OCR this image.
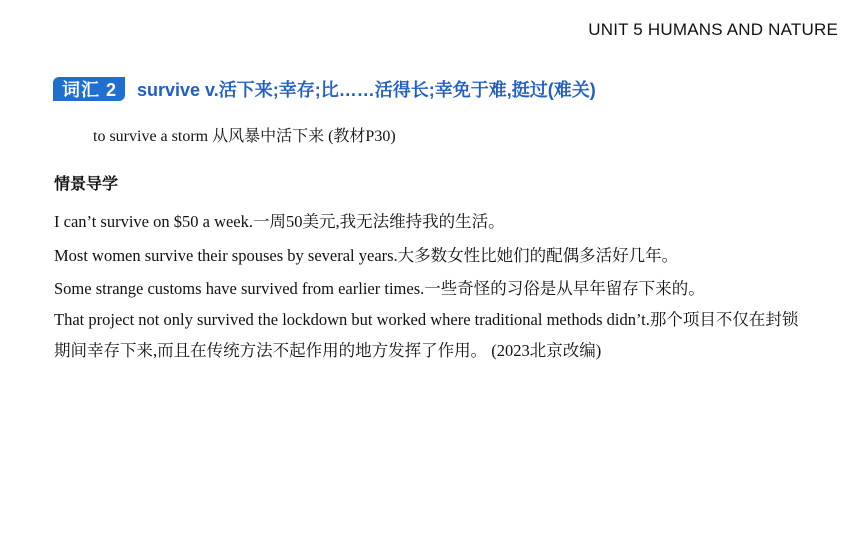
UNIT 5 HUMANS AND NATURE
词汇 2	survive v.活下来;幸存;比……活得长;幸免于难,挺过(难关)
to survive a storm 从风暴中活下来 (教材P30)
情景导学

I can’t survive on $50 a week.一周50美元,我无法维持我的生活。

Most women survive their spouses by several years.大多数女性比她们的配偶多活好几年。

Some strange customs have survived from earlier times.一些奇怪的习俗是从早年留存下来的。

That project not only survived the lockdown but worked where traditional methods didn’t.那个项目不仅在封锁期间幸存下来,而且在传统方法不起作用的地方发挥了作用。 (2023北京改编)
